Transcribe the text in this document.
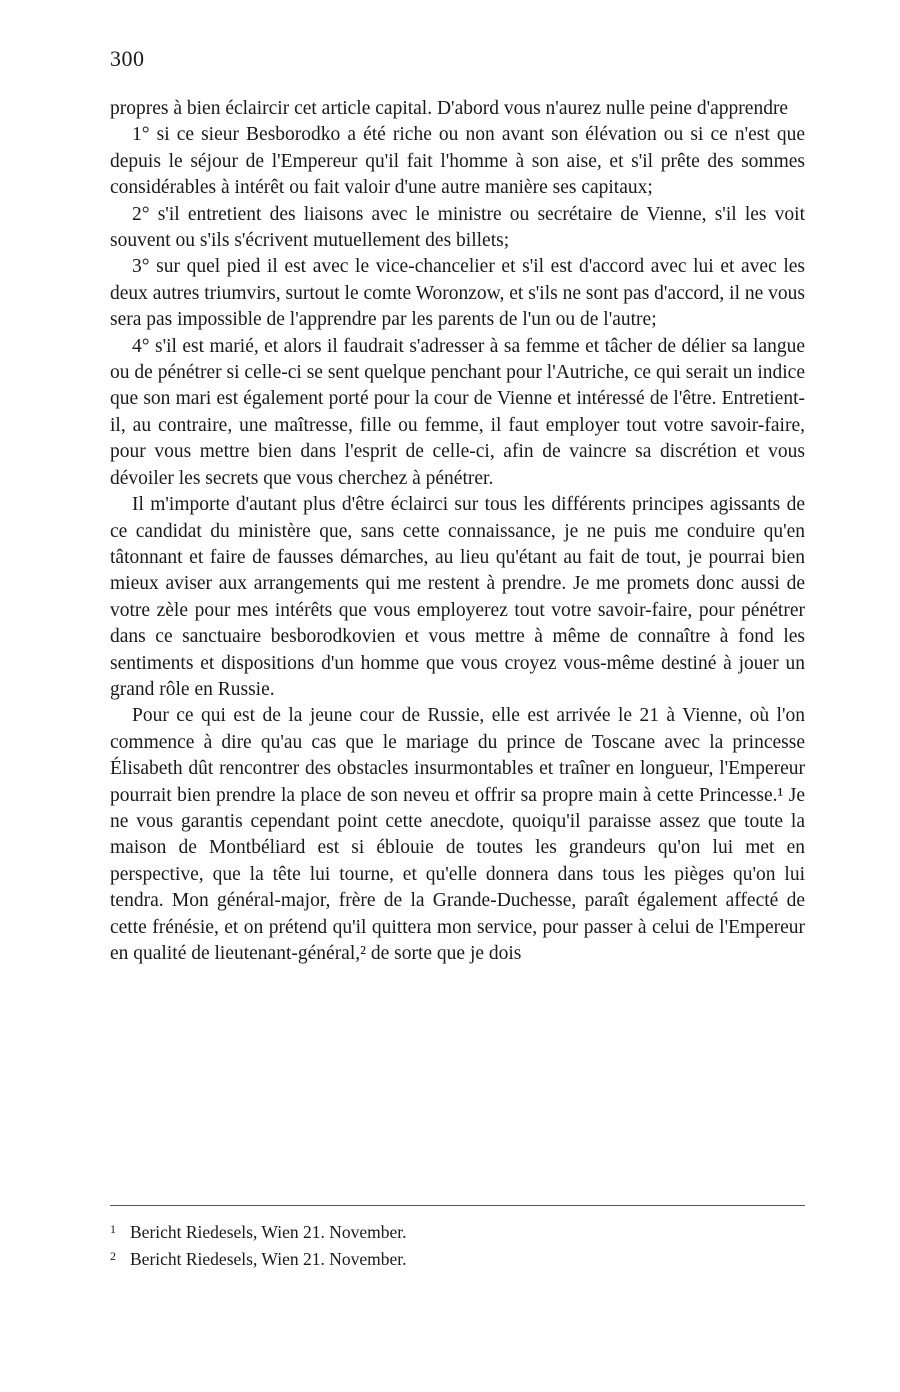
300

propres à bien éclaircir cet article capital. D'abord vous n'aurez nulle peine d'apprendre

1° si ce sieur Besborodko a été riche ou non avant son élévation ou si ce n'est que depuis le séjour de l'Empereur qu'il fait l'homme à son aise, et s'il prête des sommes considérables à intérêt ou fait valoir d'une autre manière ses capitaux;

2° s'il entretient des liaisons avec le ministre ou secrétaire de Vienne, s'il les voit souvent ou s'ils s'écrivent mutuellement des billets;

3° sur quel pied il est avec le vice-chancelier et s'il est d'accord avec lui et avec les deux autres triumvirs, surtout le comte Woronzow, et s'ils ne sont pas d'accord, il ne vous sera pas impossible de l'apprendre par les parents de l'un ou de l'autre;

4° s'il est marié, et alors il faudrait s'adresser à sa femme et tâcher de délier sa langue ou de pénétrer si celle-ci se sent quelque penchant pour l'Autriche, ce qui serait un indice que son mari est également porté pour la cour de Vienne et intéressé de l'être. Entretient-il, au contraire, une maîtresse, fille ou femme, il faut employer tout votre savoir-faire, pour vous mettre bien dans l'esprit de celle-ci, afin de vaincre sa discrétion et vous dévoiler les secrets que vous cherchez à pénétrer.

Il m'importe d'autant plus d'être éclairci sur tous les différents principes agissants de ce candidat du ministère que, sans cette connaissance, je ne puis me conduire qu'en tâtonnant et faire de fausses démarches, au lieu qu'étant au fait de tout, je pourrai bien mieux aviser aux arrangements qui me restent à prendre. Je me promets donc aussi de votre zèle pour mes intérêts que vous employerez tout votre savoir-faire, pour pénétrer dans ce sanctuaire besborodkovien et vous mettre à même de connaître à fond les sentiments et dispositions d'un homme que vous croyez vous-même destiné à jouer un grand rôle en Russie.

Pour ce qui est de la jeune cour de Russie, elle est arrivée le 21 à Vienne, où l'on commence à dire qu'au cas que le mariage du prince de Toscane avec la princesse Élisabeth dût rencontrer des obstacles insurmontables et traîner en longueur, l'Empereur pourrait bien prendre la place de son neveu et offrir sa propre main à cette Princesse.¹ Je ne vous garantis cependant point cette anecdote, quoiqu'il paraisse assez que toute la maison de Montbéliard est si éblouie de toutes les grandeurs qu'on lui met en perspective, que la tête lui tourne, et qu'elle donnera dans tous les pièges qu'on lui tendra. Mon général-major, frère de la Grande-Duchesse, paraît également affecté de cette frénésie, et on prétend qu'il quittera mon service, pour passer à celui de l'Empereur en qualité de lieutenant-général,² de sorte que je dois

1 Bericht Riedesels, Wien 21. November.
2 Bericht Riedesels, Wien 21. November.
